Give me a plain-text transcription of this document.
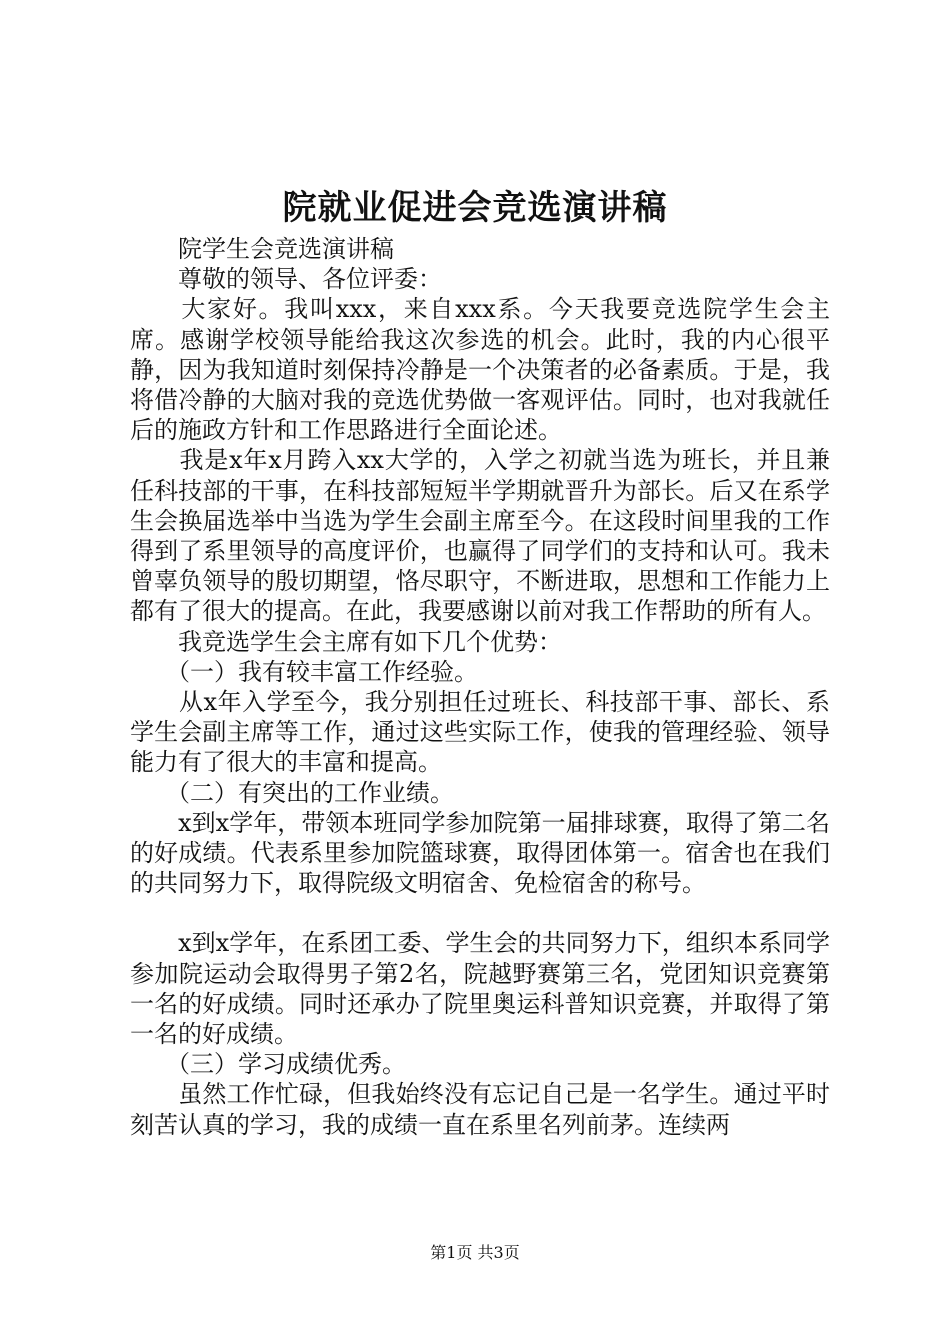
院就业促进会竞选演讲稿

　　院学生会竞选演讲稿

　　尊敬的领导、各位评委：

　　大家好。我叫xxx，来自xxx系。今天我要竞选院学生会主席。感谢学校领导能给我这次参选的机会。此时，我的内心很平静，因为我知道时刻保持冷静是一个决策者的必备素质。于是，我将借冷静的大脑对我的竞选优势做一客观评估。同时，也对我就任后的施政方针和工作思路进行全面论述。

　　我是x年x月跨入xx大学的，入学之初就当选为班长，并且兼任科技部的干事，在科技部短短半学期就晋升为部长。后又在系学生会换届选举中当选为学生会副主席至今。在这段时间里我的工作得到了系里领导的高度评价，也赢得了同学们的支持和认可。我未曾辜负领导的殷切期望，恪尽职守，不断进取，思想和工作能力上都有了很大的提高。在此，我要感谢以前对我工作帮助的所有人。

　　我竞选学生会主席有如下几个优势：

　　（一）我有较丰富工作经验。

　　从x年入学至今，我分别担任过班长、科技部干事、部长、系学生会副主席等工作，通过这些实际工作，使我的管理经验、领导能力有了很大的丰富和提高。

　　（二）有突出的工作业绩。

　　x到x学年，带领本班同学参加院第一届排球赛，取得了第二名的好成绩。代表系里参加院篮球赛，取得团体第一。宿舍也在我们的共同努力下，取得院级文明宿舍、免检宿舍的称号。

　　x到x学年，在系团工委、学生会的共同努力下，组织本系同学参加院运动会取得男子第2名，院越野赛第三名，党团知识竞赛第一名的好成绩。同时还承办了院里奥运科普知识竞赛，并取得了第一名的好成绩。

　　（三）学习成绩优秀。

　　虽然工作忙碌，但我始终没有忘记自己是一名学生。通过平时刻苦认真的学习，我的成绩一直在系里名列前茅。连续两

第1页 共3页
